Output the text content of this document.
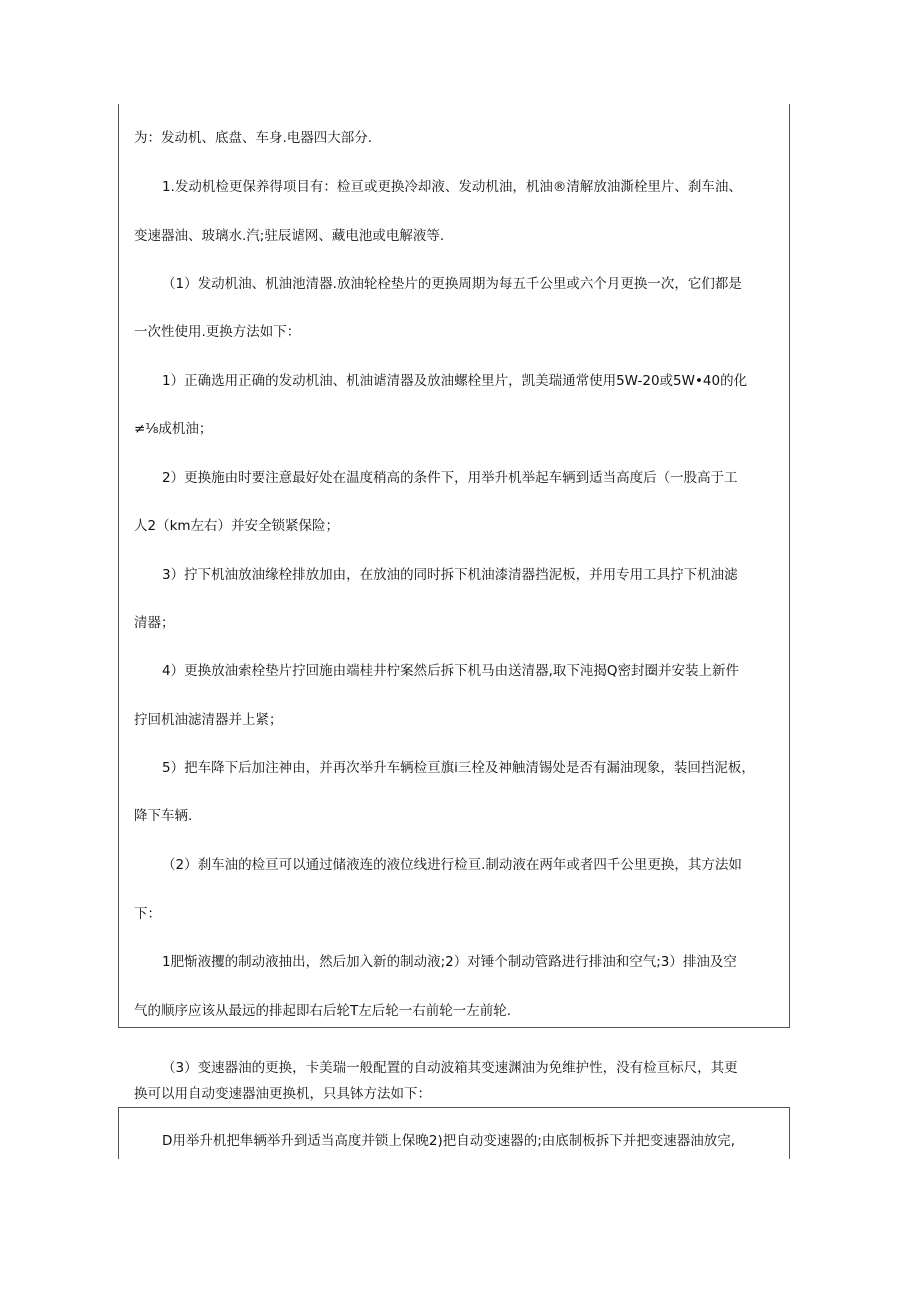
为：发动机、底盘、车身.电器四大部分.
1.发动机检更保养得项目有：检亘或更换冷却液、发动机油，机油®清解放油澌栓里片、刹车油、
变速器油、玻璃水.汽;驻辰谑网、藏电池或电解液等.
（1）发动机油、机油池清器.放油轮栓垫片的更换周期为每五千公里或六个月更换一次，它们都是
一次性使用.更换方法如下：
1）正确选用正确的发动机油、机油谑清器及放油螺栓里片，凯美瑞通常使用5W-20或5W•40的化
≠⅛成机油；
2）更换施由时要注意最好处在温度稍高的条件下，用举升机举起车辆到适当高度后（一股高于工
人2（km左右）并安全锁紧保险；
3）拧下机油放油缘栓排放加由，在放油的同时拆下机油漆清器挡泥板，并用专用工具拧下机油滤
清器；
4）更换放油索栓垫片拧回施由端桂井柠案然后拆下机马由送清器,取下沌揭Q密封圈并安装上新件
拧回机油滤清器并上紧；
5）把车降下后加注神由，并再次举升车辆检亘旗i三栓及神触清锡处是否有漏油现象，装回挡泥板，
降下车辆.
（2）刹车油的检亘可以通过储液连的液位线进行检亘.制动液在两年或者四千公里更换，其方法如
下：
1肥惭液攫的制动液抽出，然后加入新的制动液;2）对锤个制动管路进行排油和空气;3）排油及空
气的顺序应该从最远的排起即右后轮T左后轮一右前轮一左前轮.
（3）变速器油的更换，卡美瑞一般配置的自动波箱其变速渊油为免维护性，没有检亘标尺，其更
换可以用自动变速器油更换机，只具钵方法如下：
D用举升机把隼辆举升到适当高度并锁上保晚2)把自动变速器的;由底制板拆下并把变速器油放完,
